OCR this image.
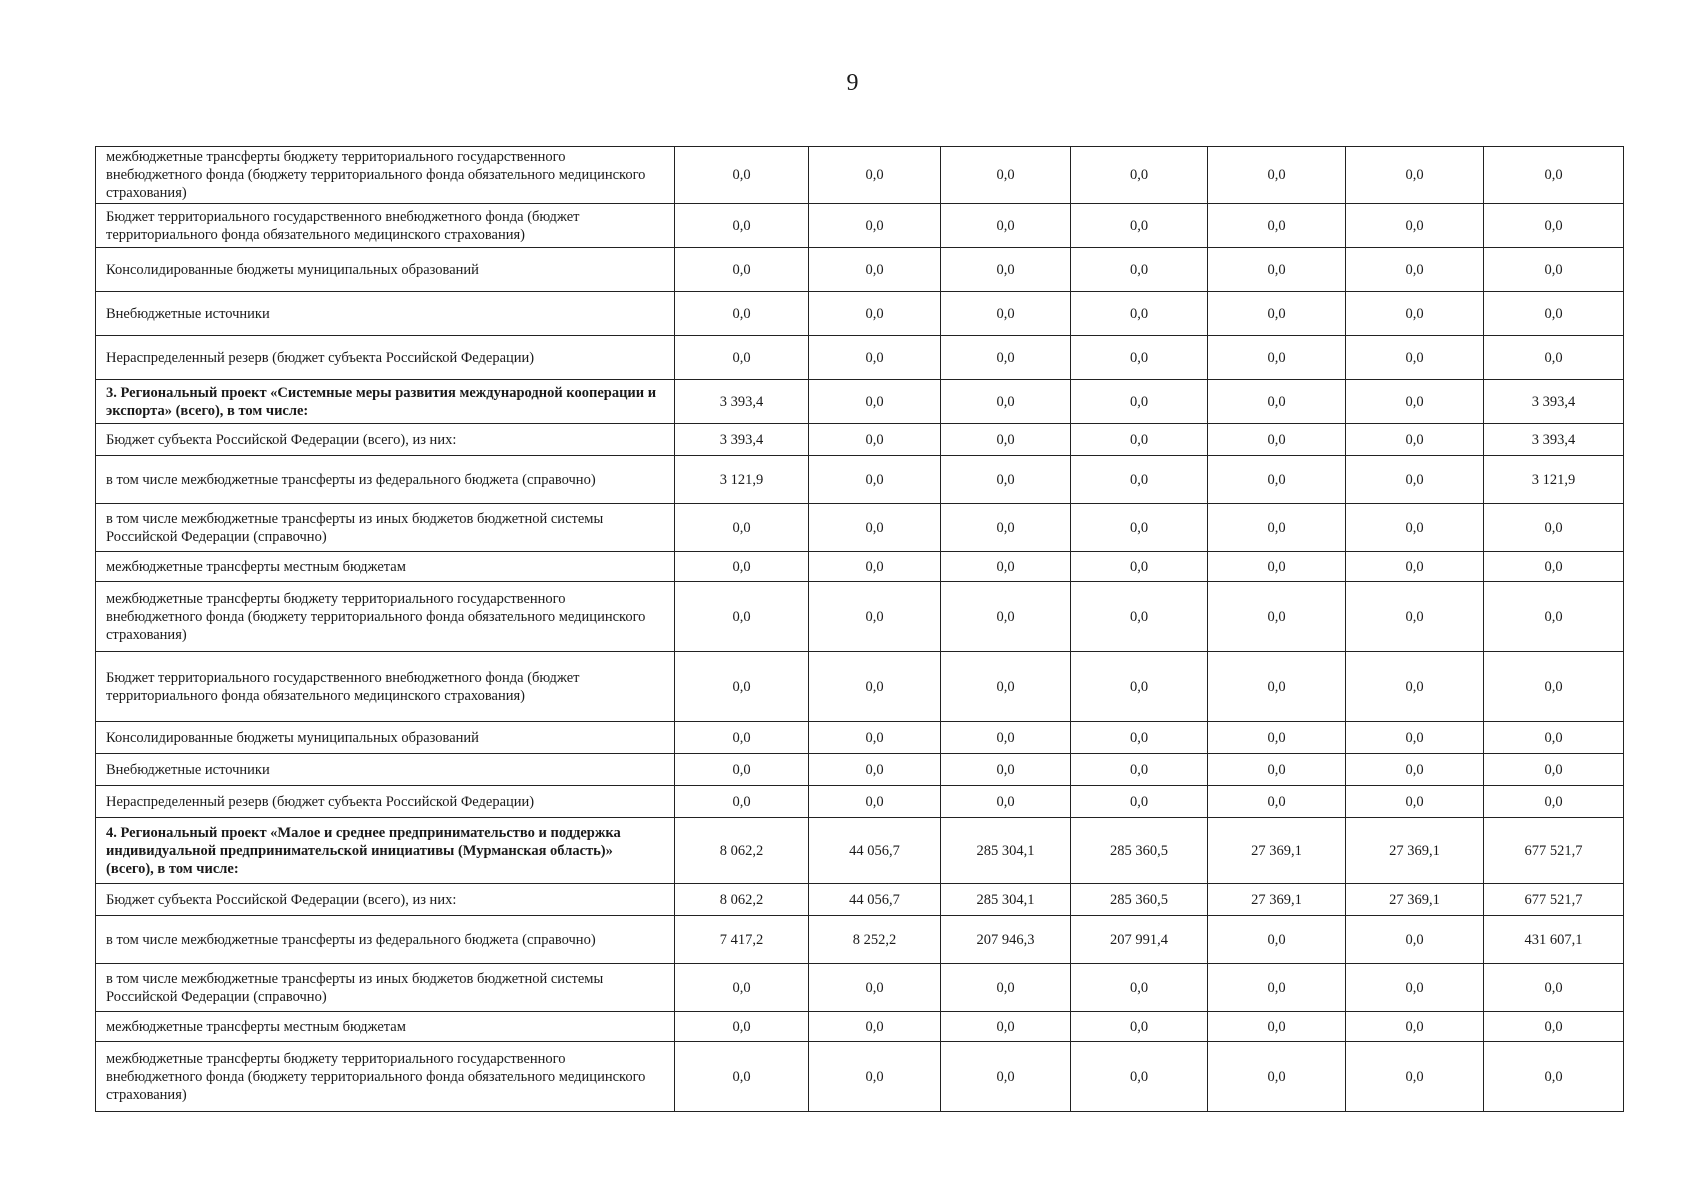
9
межбюджетные трансферты бюджету территориального государственного внебюджетного фонда (бюджету территориального фонда обязательного медицинского страхования)	0,0	0,0	0,0	0,0	0,0	0,0	0,0
Бюджет территориального государственного внебюджетного фонда (бюджет территориального фонда обязательного медицинского страхования)	0,0	0,0	0,0	0,0	0,0	0,0	0,0
Консолидированные бюджеты муниципальных образований	0,0	0,0	0,0	0,0	0,0	0,0	0,0
Внебюджетные источники	0,0	0,0	0,0	0,0	0,0	0,0	0,0
Нераспределенный резерв (бюджет субъекта Российской Федерации)	0,0	0,0	0,0	0,0	0,0	0,0	0,0
3. Региональный проект «Системные меры развития международной кооперации и экспорта» (всего), в том числе:	3 393,4	0,0	0,0	0,0	0,0	0,0	3 393,4
Бюджет субъекта Российской Федерации (всего), из них:	3 393,4	0,0	0,0	0,0	0,0	0,0	3 393,4
в том числе межбюджетные трансферты из федерального бюджета (справочно)	3 121,9	0,0	0,0	0,0	0,0	0,0	3 121,9
в том числе межбюджетные трансферты из иных бюджетов бюджетной системы Российской Федерации (справочно)	0,0	0,0	0,0	0,0	0,0	0,0	0,0
межбюджетные трансферты местным бюджетам	0,0	0,0	0,0	0,0	0,0	0,0	0,0
межбюджетные трансферты бюджету территориального государственного внебюджетного фонда (бюджету территориального фонда обязательного медицинского страхования)	0,0	0,0	0,0	0,0	0,0	0,0	0,0
Бюджет территориального государственного внебюджетного фонда (бюджет территориального фонда обязательного медицинского страхования)	0,0	0,0	0,0	0,0	0,0	0,0	0,0
Консолидированные бюджеты муниципальных образований	0,0	0,0	0,0	0,0	0,0	0,0	0,0
Внебюджетные источники	0,0	0,0	0,0	0,0	0,0	0,0	0,0
Нераспределенный резерв (бюджет субъекта Российской Федерации)	0,0	0,0	0,0	0,0	0,0	0,0	0,0
4. Региональный проект «Малое и среднее предпринимательство и поддержка индивидуальной предпринимательской инициативы (Мурманская область)» (всего), в том числе:	8 062,2	44 056,7	285 304,1	285 360,5	27 369,1	27 369,1	677 521,7
Бюджет субъекта Российской Федерации (всего), из них:	8 062,2	44 056,7	285 304,1	285 360,5	27 369,1	27 369,1	677 521,7
в том числе межбюджетные трансферты из федерального бюджета (справочно)	7 417,2	8 252,2	207 946,3	207 991,4	0,0	0,0	431 607,1
в том числе межбюджетные трансферты из иных бюджетов бюджетной системы Российской Федерации (справочно)	0,0	0,0	0,0	0,0	0,0	0,0	0,0
межбюджетные трансферты местным бюджетам	0,0	0,0	0,0	0,0	0,0	0,0	0,0
межбюджетные трансферты бюджету территориального государственного внебюджетного фонда (бюджету территориального фонда обязательного медицинского страхования)	0,0	0,0	0,0	0,0	0,0	0,0	0,0
